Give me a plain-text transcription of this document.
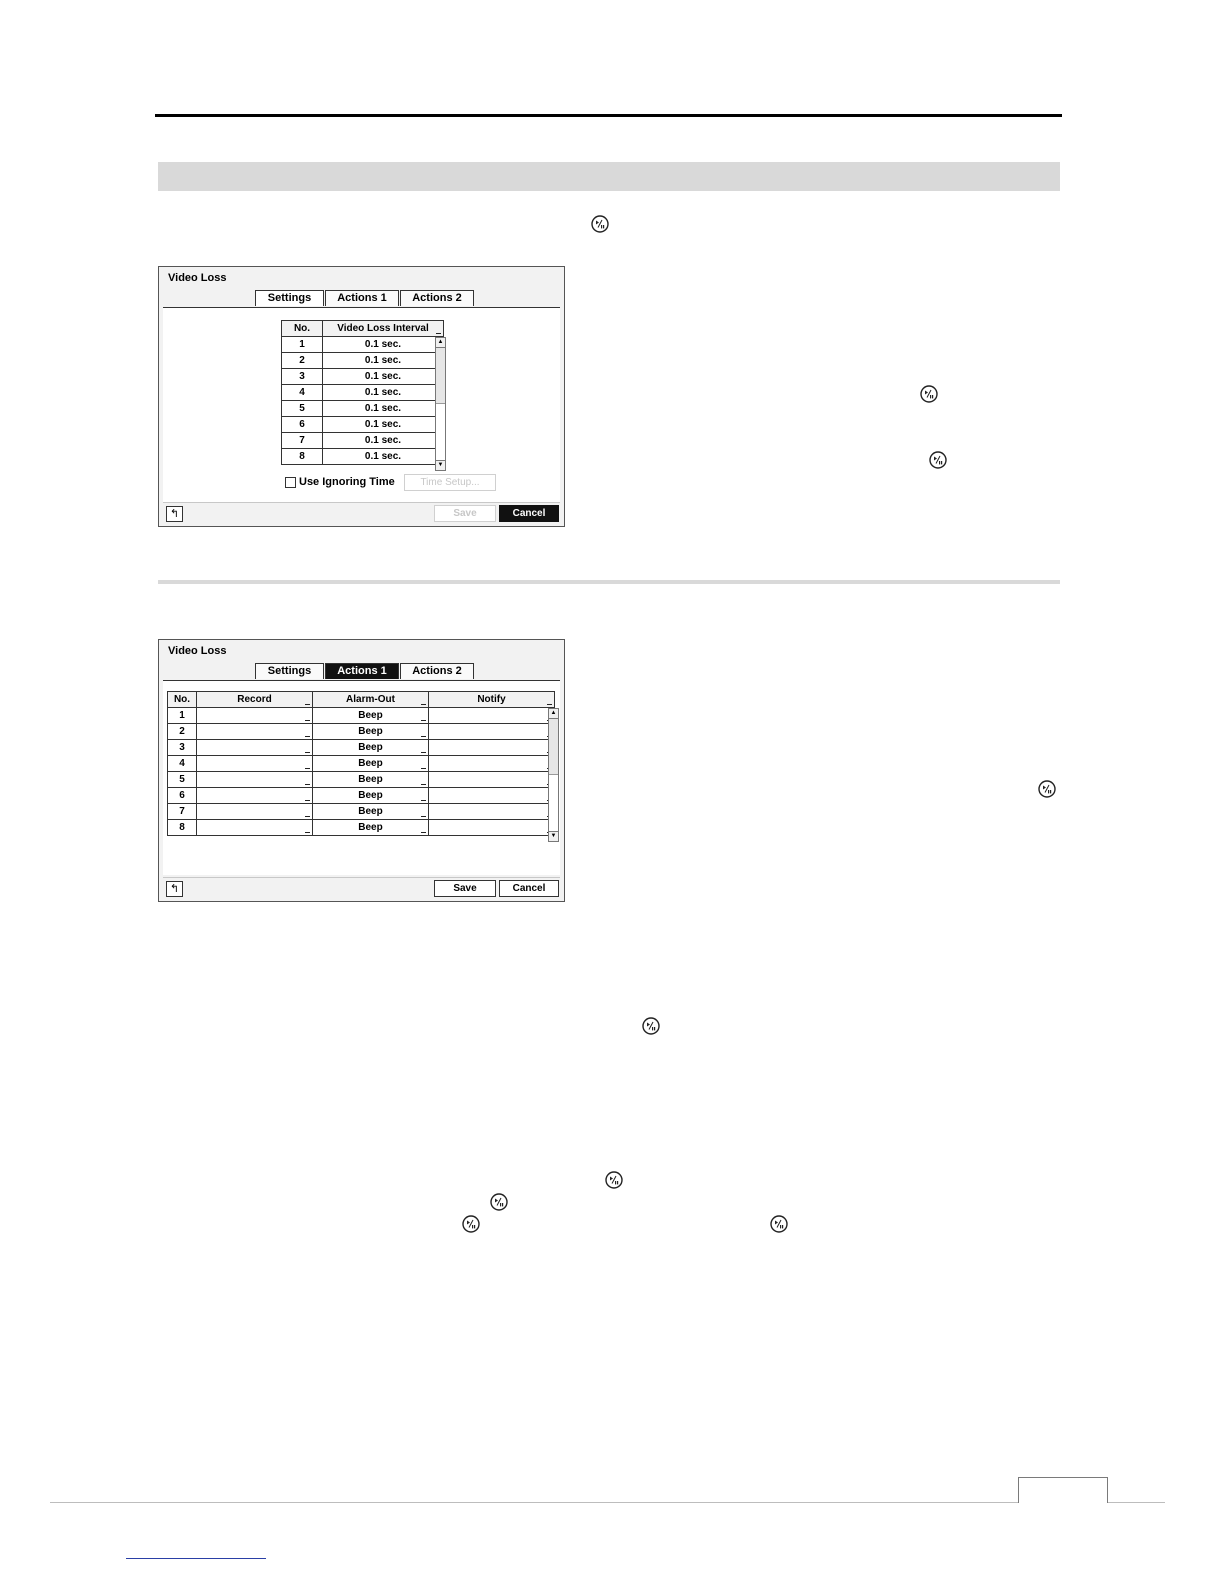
Video Loss
Settings	Actions 1	Actions 2
No.	Video Loss Interval
1	0.1 sec.
2	0.1 sec.
3	0.1 sec.
4	0.1 sec.
5	0.1 sec.
6	0.1 sec.
7	0.1 sec.
8	0.1 sec.
▲
▼
Use Ignoring Time	Time Setup...
↰	Save	Cancel
Video Loss
Settings	Actions 1	Actions 2
No.	Record	Alarm-Out	Notify
1		Beep	
2		Beep	
3		Beep	
4		Beep	
5		Beep	
6		Beep	
7		Beep	
8		Beep	
▲
▼
↰	Save	Cancel
